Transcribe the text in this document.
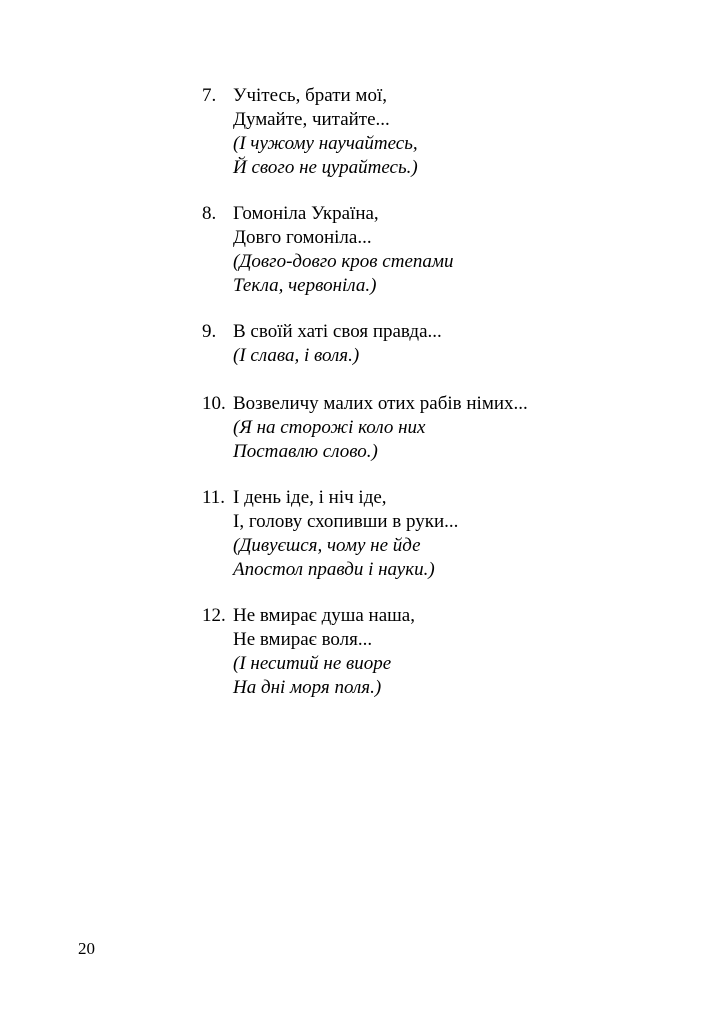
7. Учітесь, брати мої,
Думайте, читайте...
(І чужому научайтесь,
Й свого не цурайтесь.)
8. Гомоніла Україна,
Довго гомоніла...
(Довго-довго кров степами
Текла, червоніла.)
9. В своїй хаті своя правда...
(І слава, і воля.)
10. Возвеличу малих отих рабів німих...
(Я на сторожі коло них
Поставлю слово.)
11. І день іде, і ніч іде,
І, голову схопивши в руки...
(Дивуєшся, чому не йде
Апостол правди і науки.)
12. Не вмирає душа наша,
Не вмирає воля...
(І неситий не виоре
На дні моря поля.)
20
